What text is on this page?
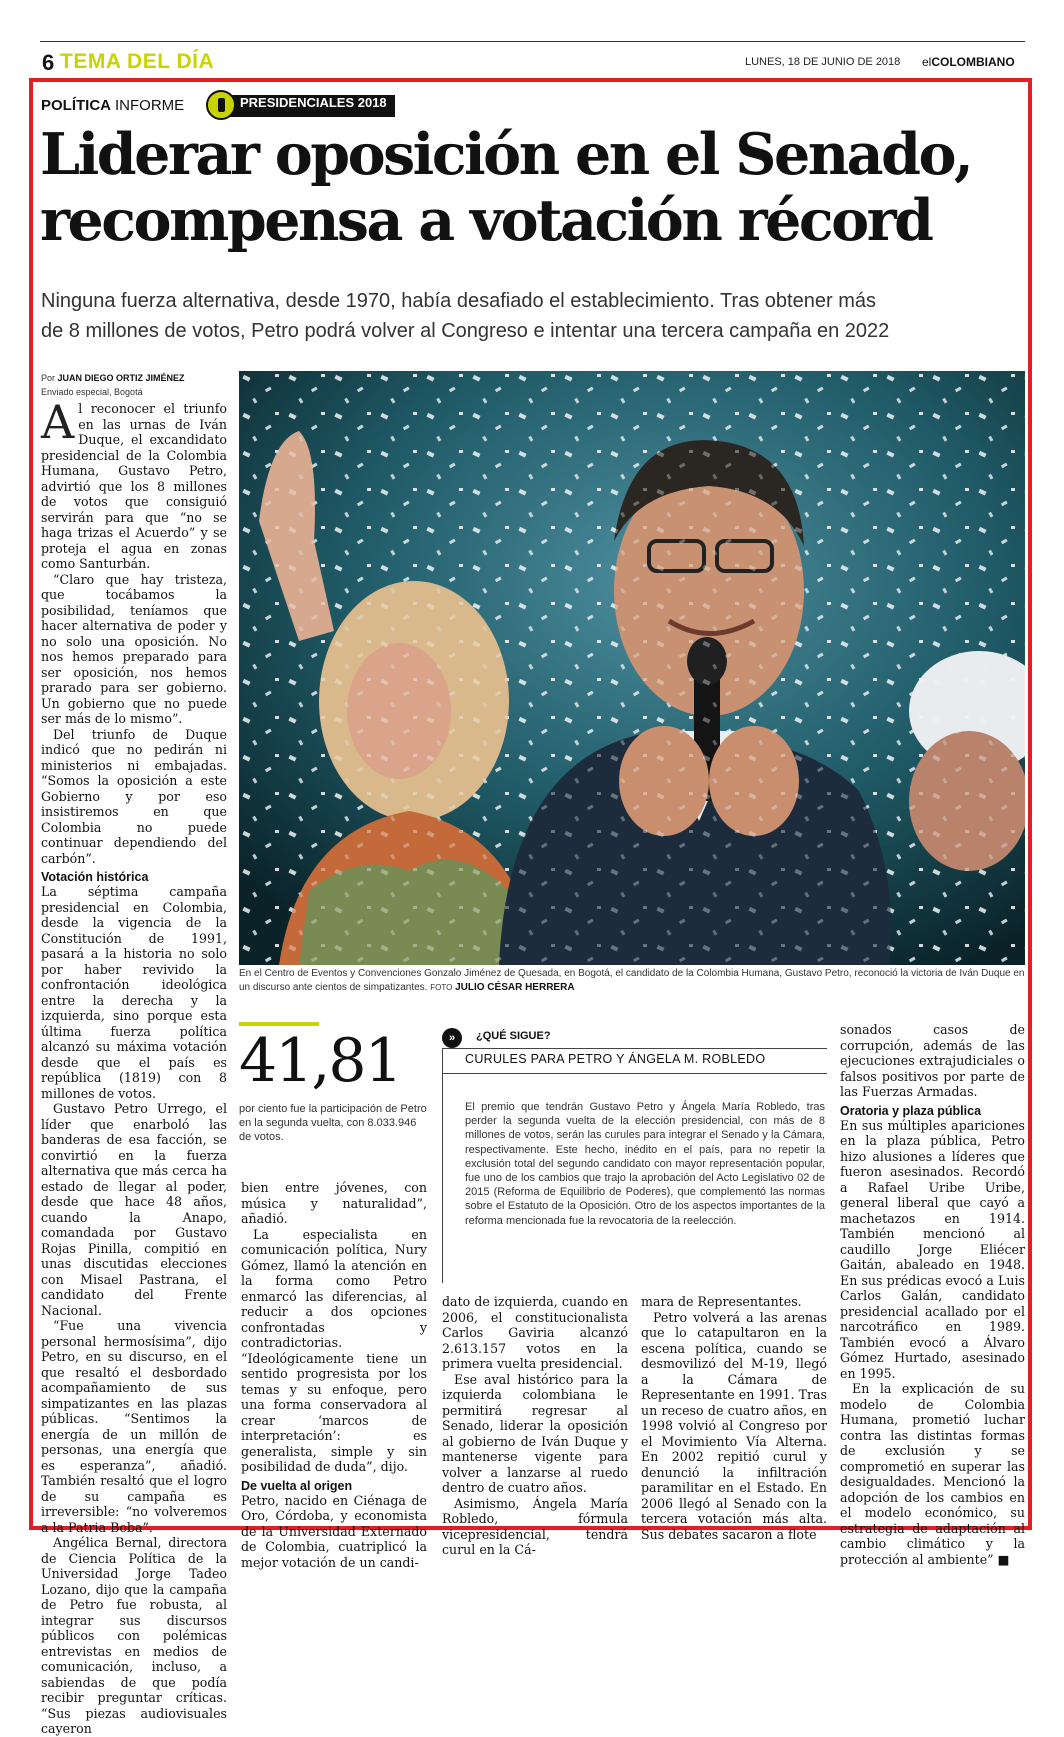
6 TEMA DEL DÍA	LUNES, 18 DE JUNIO DE 2018 elCOLOMBIANO
POLÍTICA INFORME	PRESIDENCIALES 2018
Liderar oposición en el Senado,
recompensa a votación récord
Ninguna fuerza alternativa, desde 1970, había desafiado el establecimiento. Tras obtener más
de 8 millones de votos, Petro podrá volver al Congreso e intentar una tercera campaña en 2022
Por JUAN DIEGO ORTIZ JIMÉNEZ
Enviado especial, Bogotá

Al reconocer el triunfo en las urnas de Iván Duque, el excandidato presidencial de la Colombia Humana, Gustavo Petro, advirtió que los 8 millones de votos que consiguió servirán para que “no se haga trizas el Acuerdo” y se proteja el agua en zonas como Santurbán.

“Claro que hay tristeza, que tocábamos la posibilidad, teníamos que hacer alternativa de poder y no solo una oposición. No nos hemos preparado para ser oposición, nos hemos prarado para ser gobierno. Un gobierno que no puede ser más de lo mismo”.

Del triunfo de Duque indicó que no pedirán ni ministerios ni embajadas. “Somos la oposición a este Gobierno y por eso insistiremos en que Colombia no puede continuar dependiendo del carbón”.

Votación histórica

La séptima campaña presidencial en Colombia, desde la vigencia de la Constitución de 1991, pasará a la historia no solo por haber revivido la confrontación ideológica entre la derecha y la izquierda, sino porque esta última fuerza política alcanzó su máxima votación desde que el país es república (1819) con 8 millones de votos.

Gustavo Petro Urrego, el líder que enarboló las banderas de esa facción, se convirtió en la fuerza alternativa que más cerca ha estado de llegar al poder, desde que hace 48 años, cuando la Anapo, comandada por Gustavo Rojas Pinilla, compitió en unas discutidas elecciones con Misael Pastrana, el candidato del Frente Nacional.

“Fue una vivencia personal hermosísima”, dijo Petro, en su discurso, en el que resaltó el desbordado acompañamiento de sus simpatizantes en las plazas públicas. “Sentimos la energía de un millón de personas, una energía que es esperanza”, añadió. También resaltó que el logro de su campaña es irreversible: “no volveremos a la Patria Boba”.

Angélica Bernal, directora de Ciencia Política de la Universidad Jorge Tadeo Lozano, dijo que la campaña de Petro fue robusta, al integrar sus discursos públicos con polémicas entrevistas en medios de comunicación, incluso, a sabiendas de que podía recibir preguntar críticas. “Sus piezas audiovisuales cayeron

En el Centro de Eventos y Convenciones Gonzalo Jiménez de Quesada, en Bogotá, el candidato de la Colombia Humana, Gustavo Petro, reconoció la victoria de Iván Duque en un discurso ante cientos de simpatizantes. FOTO JULIO CÉSAR HERRERA
41,81
por ciento fue la participación de Petro en la segunda vuelta, con 8.033.946 de votos.
»	¿QUÉ SIGUE?
CURULES PARA PETRO Y ÁNGELA M. ROBLEDO

El premio que tendrán Gustavo Petro y Ángela María Robledo, tras perder la segunda vuelta de la elección presidencial, con más de 8 millones de votos, serán las curules para integrar el Senado y la Cámara, respectivamente. Este hecho, inédito en el país, para no repetir la exclusión total del segundo candidato con mayor representación popular, fue uno de los cambios que trajo la aprobación del Acto Legislativo 02 de 2015 (Reforma de Equilibrio de Poderes), que complementó las normas sobre el Estatuto de la Oposición. Otro de los aspectos importantes de la reforma mencionada fue la revocatoria de la reelección.

bien entre jóvenes, con música y naturalidad”, añadió.

La especialista en comunicación política, Nury Gómez, llamó la atención en la forma como Petro enmarcó las diferencias, al reducir a dos opciones confrontadas y contradictorias. “Ideológicamente tiene un sentido progresista por los temas y su enfoque, pero una forma conservadora al crear ‘marcos de interpretación’: es generalista, simple y sin posibilidad de duda”, dijo.

De vuelta al origen

Petro, nacido en Ciénaga de Oro, Córdoba, y economista de la Universidad Externado de Colombia, cuatriplicó la mejor votación de un candi-

dato de izquierda, cuando en 2006, el constitucionalista Carlos Gaviria alcanzó 2.613.157 votos en la primera vuelta presidencial.

Ese aval histórico para la izquierda colombiana le permitirá regresar al Senado, liderar la oposición al gobierno de Iván Duque y mantenerse vigente para volver a lanzarse al ruedo dentro de cuatro años.

Asimismo, Ángela María Robledo, fórmula vicepresidencial, tendrá curul en la Cá-

mara de Representantes.

Petro volverá a las arenas que lo catapultaron en la escena política, cuando se desmovilizó del M-19, llegó a la Cámara de Representante en 1991. Tras un receso de cuatro años, en 1998 volvió al Congreso por el Movimiento Vía Alterna. En 2002 repitió curul y denunció la infiltración paramilitar en el Estado. En 2006 llegó al Senado con la tercera votación más alta. Sus debates sacaron a flote

sonados casos de corrupción, además de las ejecuciones extrajudiciales o falsos positivos por parte de las Fuerzas Armadas.

Oratoria y plaza pública

En sus múltiples apariciones en la plaza pública, Petro hizo alusiones a líderes que fueron asesinados. Recordó a Rafael Uribe Uribe, general liberal que cayó a machetazos en 1914. También mencionó al caudillo Jorge Eliécer Gaitán, abaleado en 1948. En sus prédicas evocó a Luis Carlos Galán, candidato presidencial acallado por el narcotráfico en 1989. También evocó a Álvaro Gómez Hurtado, asesinado en 1995.

En la explicación de su modelo de Colombia Humana, prometió luchar contra las distintas formas de exclusión y se comprometió en superar las desigualdades. Mencionó la adopción de los cambios en el modelo económico, su estrategia de adaptación al cambio climático y la protección al ambiente” ■
